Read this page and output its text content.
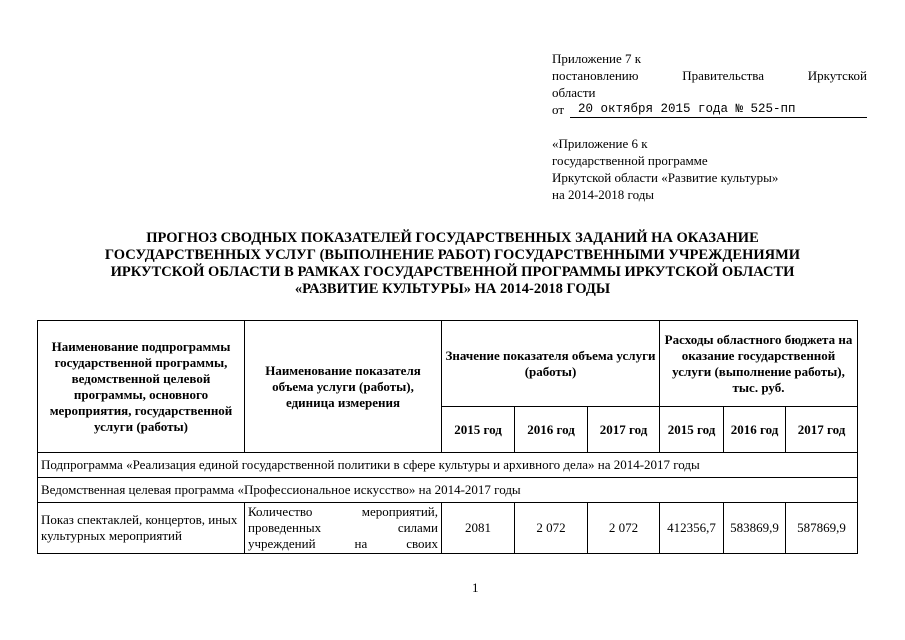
Приложение 7 к
постановлению	Правительства	Иркутской
области
от	20 октября 2015 года № 525-пп
«Приложение 6 к
государственной программе
Иркутской области «Развитие культуры»
на 2014-2018 годы
ПРОГНОЗ СВОДНЫХ ПОКАЗАТЕЛЕЙ ГОСУДАРСТВЕННЫХ ЗАДАНИЙ НА ОКАЗАНИЕ
ГОСУДАРСТВЕННЫХ УСЛУГ (ВЫПОЛНЕНИЕ РАБОТ) ГОСУДАРСТВЕННЫМИ УЧРЕЖДЕНИЯМИ
ИРКУТСКОЙ ОБЛАСТИ В РАМКАХ ГОСУДАРСТВЕННОЙ ПРОГРАММЫ ИРКУТСКОЙ ОБЛАСТИ
«РАЗВИТИЕ КУЛЬТУРЫ» НА 2014-2018 ГОДЫ
Наименование подпрограммы государственной программы, ведомственной целевой программы, основного мероприятия, государственной услуги (работы)	Наименование показателя объема услуги (работы), единица измерения	Значение показателя объема услуги (работы)			Расходы областного бюджета на оказание государственной услуги (выполнение работы), тыс. руб.		
		2015 год	2016 год	2017 год	2015 год	2016 год	2017 год
Подпрограмма «Реализация единой государственной политики в сфере культуры и архивного дела» на 2014-2017 годы							
Ведомственная целевая программа «Профессиональное искусство» на 2014-2017 годы							
Показ спектаклей, концертов, иных культурных мероприятий	Количество мероприятий,
проведенных силами
учреждений на своих	2081	2 072	2 072	412356,7	583869,9	587869,9
1
